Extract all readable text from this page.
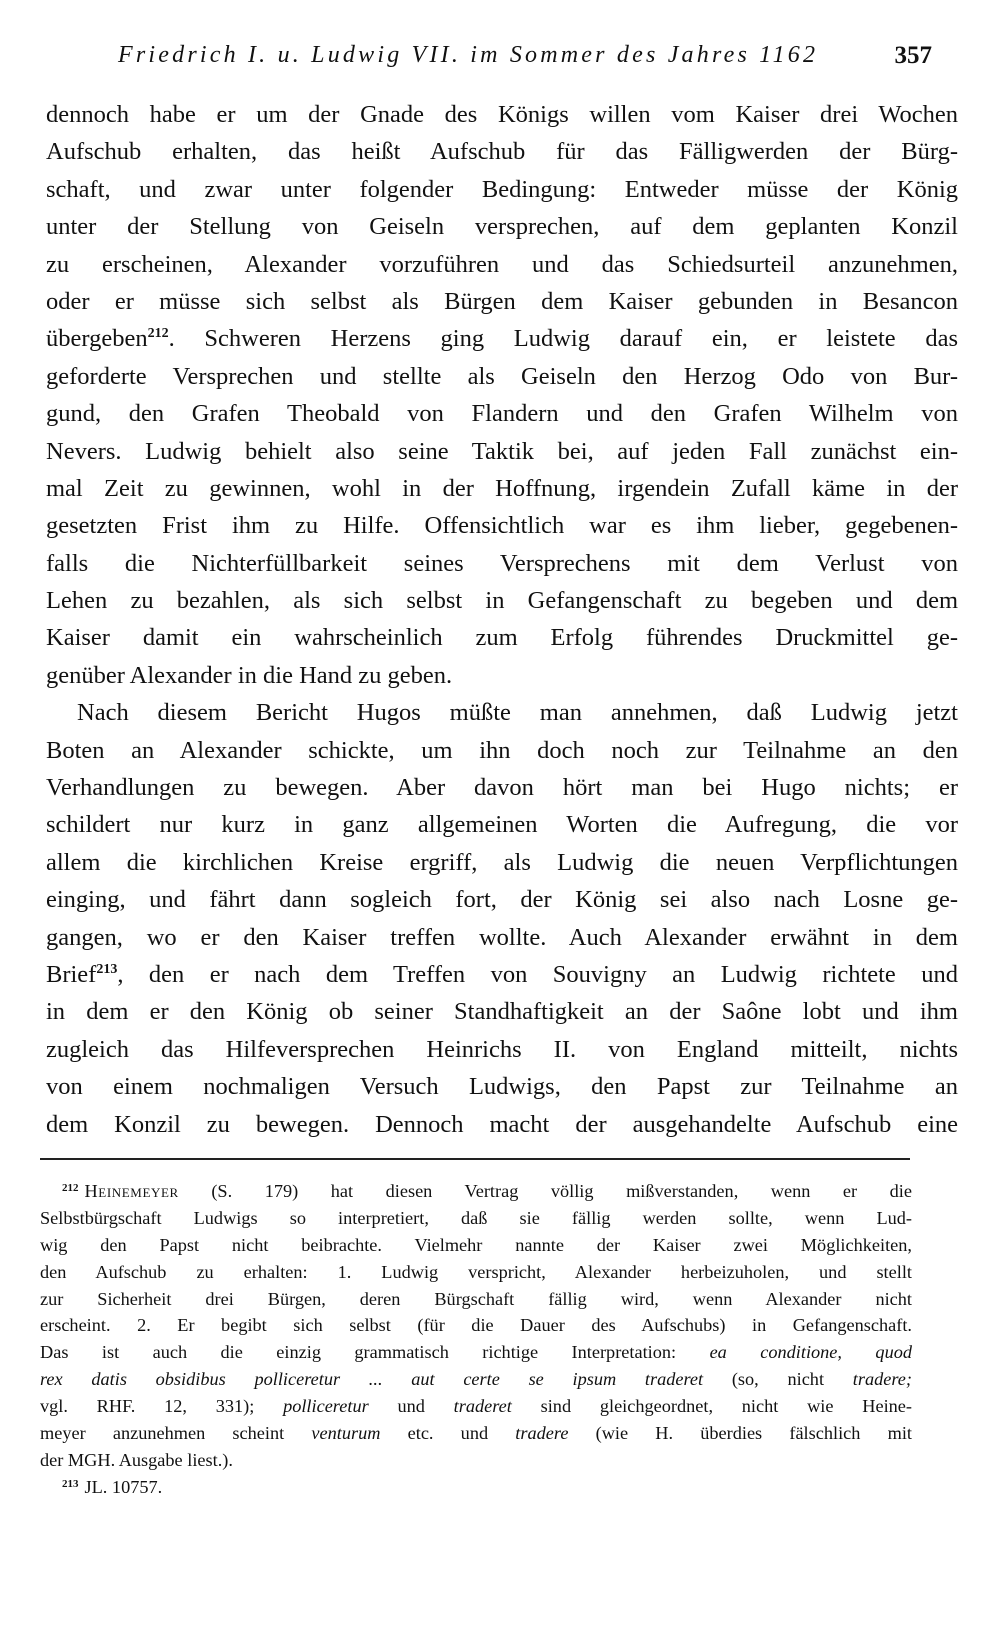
Friedrich I. u. Ludwig VII. im Sommer des Jahres 1162	357
dennoch habe er um der Gnade des Königs willen vom Kaiser drei Wochen
Aufschub erhalten, das heißt Aufschub für das Fälligwerden der Bürg-
schaft, und zwar unter folgender Bedingung: Entweder müsse der König
unter der Stellung von Geiseln versprechen, auf dem geplanten Konzil
zu erscheinen, Alexander vorzuführen und das Schiedsurteil anzunehmen,
oder er müsse sich selbst als Bürgen dem Kaiser gebunden in Besancon
übergeben$^{212}$. Schweren Herzens ging Ludwig darauf ein, er leistete das
geforderte Versprechen und stellte als Geiseln den Herzog Odo von Bur-
gund, den Grafen Theobald von Flandern und den Grafen Wilhelm von
Nevers. Ludwig behielt also seine Taktik bei, auf jeden Fall zunächst ein-
mal Zeit zu gewinnen, wohl in der Hoffnung, irgendein Zufall käme in der
gesetzten Frist ihm zu Hilfe. Offensichtlich war es ihm lieber, gegebenen-
falls die Nichterfüllbarkeit seines Versprechens mit dem Verlust von
Lehen zu bezahlen, als sich selbst in Gefangenschaft zu begeben und dem
Kaiser damit ein wahrscheinlich zum Erfolg führendes Druckmittel ge-
genüber Alexander in die Hand zu geben.
Nach diesem Bericht Hugos müßte man annehmen, daß Ludwig jetzt
Boten an Alexander schickte, um ihn doch noch zur Teilnahme an den
Verhandlungen zu bewegen. Aber davon hört man bei Hugo nichts; er
schildert nur kurz in ganz allgemeinen Worten die Aufregung, die vor
allem die kirchlichen Kreise ergriff, als Ludwig die neuen Verpflichtungen
einging, und fährt dann sogleich fort, der König sei also nach Losne ge-
gangen, wo er den Kaiser treffen wollte. Auch Alexander erwähnt in dem
Brief$^{213}$, den er nach dem Treffen von Souvigny an Ludwig richtete und
in dem er den König ob seiner Standhaftigkeit an der Saône lobt und ihm
zugleich das Hilfeversprechen Heinrichs II. von England mitteilt, nichts
von einem nochmaligen Versuch Ludwigs, den Papst zur Teilnahme an
dem Konzil zu bewegen. Dennoch macht der ausgehandelte Aufschub eine
$^{212}$ Heinemeyer (S. 179) hat diesen Vertrag völlig mißverstanden, wenn er die
Selbstbürgschaft Ludwigs so interpretiert, daß sie fällig werden sollte, wenn Lud-
wig den Papst nicht beibrachte. Vielmehr nannte der Kaiser zwei Möglichkeiten,
den Aufschub zu erhalten: 1. Ludwig verspricht, Alexander herbeizuholen, und stellt
zur Sicherheit drei Bürgen, deren Bürgschaft fällig wird, wenn Alexander nicht
erscheint. 2. Er begibt sich selbst (für die Dauer des Aufschubs) in Gefangenschaft.
Das ist auch die einzig grammatisch richtige Interpretation: ea conditione, quod
rex datis obsidibus polliceretur ... aut certe se ipsum traderet (so, nicht tradere;
vgl. RHF. 12, 331); polliceretur und traderet sind gleichgeordnet, nicht wie Heine-
meyer anzunehmen scheint venturum etc. und tradere (wie H. überdies fälschlich mit
der MGH. Ausgabe liest.).
$^{213}$ JL. 10757.
